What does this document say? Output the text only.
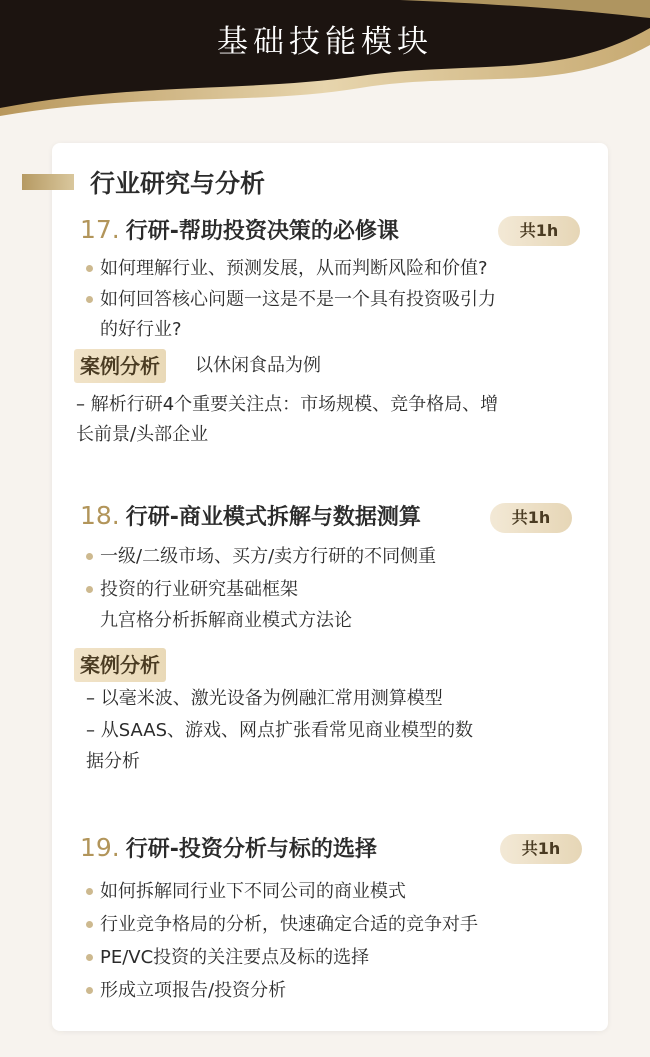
基础技能模块
行业研究与分析
17. 行研-帮助投资决策的必修课	共1h
如何理解行业、预测发展，从而判断风险和价值?
如何回答核心问题一这是不是一个具有投资吸引力
的好行业?
案例分析	以休闲食品为例
– 解析行研4个重要关注点：市场规模、竞争格局、增
长前景/头部企业
18. 行研-商业模式拆解与数据测算	共1h
一级/二级市场、买方/卖方行研的不同侧重
投资的行业研究基础框架
九宫格分析拆解商业模式方法论
案例分析
– 以毫米波、激光设备为例融汇常用测算模型
– 从SAAS、游戏、网点扩张看常见商业模型的数
据分析
19. 行研-投资分析与标的选择	共1h
如何拆解同行业下不同公司的商业模式
行业竞争格局的分析，快速确定合适的竞争对手
PE/VC投资的关注要点及标的选择
形成立项报告/投资分析
